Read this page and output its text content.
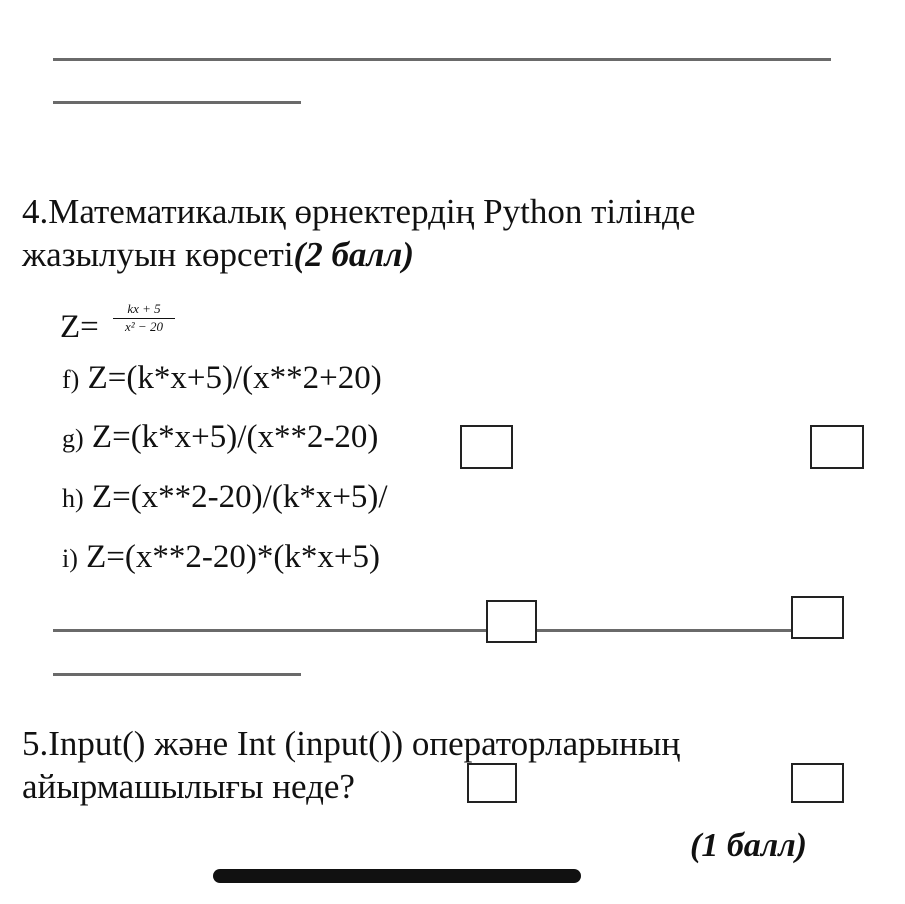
4.Математикалық өрнектердің Python тілінде
жазылуын көрсеті(2 балл)
$Z= \frac{kx + 5}{\text{x² − 20}}$
f) Z=(k*x+5)/(x**2+20)
g) Z=(k*x+5)/(x**2-20)
h) Z=(x**2-20)/(k*x+5)/
i) Z=(x**2-20)*(k*x+5)
5.Input() және Int (input()) операторларының
айырмашылығы неде?
(1 балл)
